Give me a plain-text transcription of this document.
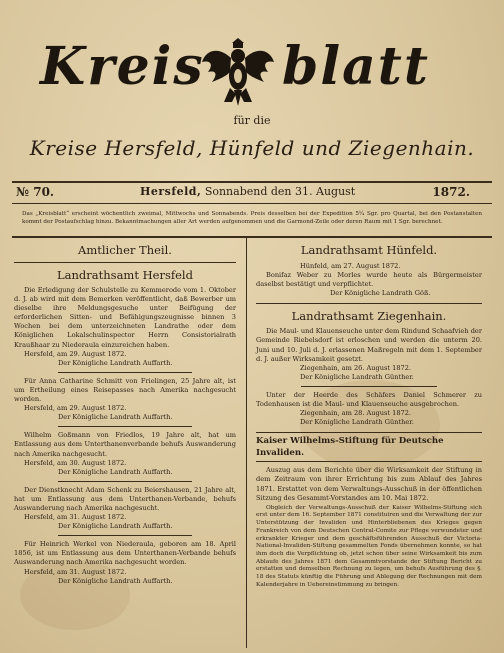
Kreis blatt
für die
Kreise Hersfeld, Hünfeld und Ziegenhain.
№ 70.	Hersfeld, Sonnabend den 31. August	1872.
Das „Kreisblatt“ erscheint wöchentlich zweimal, Mittwochs und Sonnabends. Preis desselben bei der Expedition 5¼ Sgr. pro Quartal, bei den Postanstalten kommt der Postaufschlag hinzu. Bekanntmachungen aller Art werden aufgenommen und die Garmond-Zeile oder deren Raum mit 1 Sgr. berechnet.
Amtlicher Theil.
Landrathsamt Hersfeld

Die Erledigung der Schulstelle zu Kemmerode vom 1. Oktober d. J. ab wird mit dem Bemerken veröffentlicht, daß Bewerber um dieselbe ihre Meldungsgesuche unter Beifügung der erforderlichen Sitten- und Befähigungszeugnisse binnen 3 Wochen bei dem unterzeichneten Landrathe oder dem Königlichen Lokalschulinspector Herrn Consistorialrath Kraußhaar zu Niederaula einzureichen haben.

Hersfeld, am 29. August 1872.

Der Königliche Landrath Auffarth.

Für Anna Catharine Schmitt von Frielingen, 25 Jahre alt, ist um Ertheilung eines Reisepasses nach Amerika nachgesucht worden.

Hersfeld, am 29. August 1872.

Der Königliche Landrath Auffarth.

Wilhelm Goßmann von Friedlos, 19 Jahre alt, hat um Entlassung aus dem Unterthanenverbande behufs Auswanderung nach Amerika nachgesucht.

Hersfeld, am 30. August 1872.

Der Königliche Landrath Auffarth.

Der Dienstknecht Adam Schenk zu Beiershausen, 21 Jahre alt, hat um Entlassung aus dem Unterthanen-Verbande, behufs Auswanderung nach Amerika nachgesucht.

Hersfeld, am 31. August 1872.

Der Königliche Landrath Auffarth.

Für Heinrich Werkel von Niederaula, geboren am 18. April 1856, ist um Entlassung aus dem Unterthanen-Verbande behufs Auswanderung nach Amerika nachgesucht worden.

Hersfeld, am 31. August 1872.

Der Königliche Landrath Auffarth.

Landrathsamt Hünfeld.

Hünfeld, am 27. August 1872.

Bonifaz Weber zu Morles wurde heute als Bürgermeister daselbst bestätigt und verpflichtet.

Der Königliche Landrath Göß.

Landrathsamt Ziegenhain.

Die Maul- und Klauenseuche unter dem Rindund Schaafvieh der Gemeinde Riebelsdorf ist erloschen und werden die unterm 20. Juni und 10. Juli d. J. erlassenen Maßregeln mit dem 1. September d. J. außer Wirksamkeit gesetzt.

Ziegenhain, am 26. August 1872.

Der Königliche Landrath Günther.

Unter der Heerde des Schäfers Daniel Schmerer zu Todenhausen ist die Maul- und Klauenseuche ausgebrochen.

Ziegenhain, am 28. August 1872.

Der Königliche Landrath Günther.

Kaiser Wilhelms-Stiftung für Deutsche Invaliden.

Auszug aus dem Berichte über die Wirksamkeit der Stiftung in dem Zeitraum von ihrer Errichtung bis zum Ablauf des Jahres 1871. Erstattet von dem Verwaltungs-Ausschuß in der öffentlichen Sitzung des Gesammt-Vorstandes am 10. Mai 1872.

Obgleich der Verwaltungs-Ausschuß der Kaiser Wilhelms-Stiftung sich erst unter dem 16. September 1871 constituiren und die Verwaltung der zur Unterstützung der Invaliden und Hinterbliebenen des Krieges gegen Frankreich von dem Deutschen Central-Comite zur Pflege verwundeter und erkrankter Krieger und dem geschäftsführenden Ausschuß der Victoria-National-Invaliden-Stiftung gesammelten Fonds übernehmen konnte, so hat ihm doch die Verpflichtung ob, jetzt schon über seine Wirksamkeit bis zum Ablaufe des Jahres 1871 dem Gesammtvorstande der Stiftung Bericht zu erstatten und demselben Rechnung zu legen, um behufs Ausführung des §. 18 des Statuts künftig die Führung und Ablegung der Rechnungen mit dem Kalenderjahre in Uebereinstimmung zu bringen.
